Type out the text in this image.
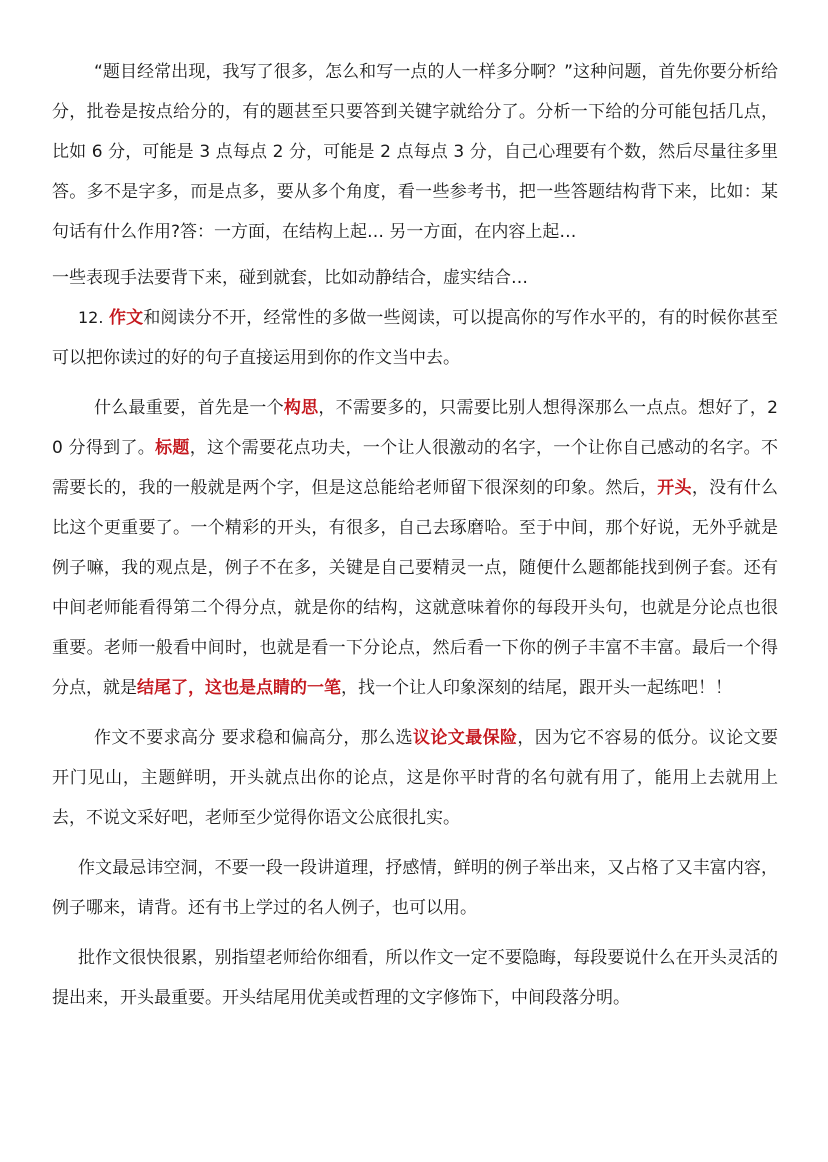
“题目经常出现，我写了很多，怎么和写一点的人一样多分啊？”这种问题，首先你要分析给分，批卷是按点给分的，有的题甚至只要答到关键字就给分了。分析一下给的分可能包括几点，比如 6 分，可能是 3 点每点 2 分，可能是 2 点每点 3 分，自己心理要有个数，然后尽量往多里答。多不是字多，而是点多，要从多个角度，看一些参考书，把一些答题结构背下来，比如：某句话有什么作用?答：一方面，在结构上起… 另一方面，在内容上起…

一些表现手法要背下来，碰到就套，比如动静结合，虚实结合…

12. 作文和阅读分不开，经常性的多做一些阅读，可以提高你的写作水平的，有的时候你甚至可以把你读过的好的句子直接运用到你的作文当中去。

什么最重要，首先是一个构思，不需要多的，只需要比别人想得深那么一点点。想好了，20 分得到了。标题，这个需要花点功夫，一个让人很激动的名字，一个让你自己感动的名字。不需要长的，我的一般就是两个字，但是这总能给老师留下很深刻的印象。然后，开头，没有什么比这个更重要了。一个精彩的开头，有很多，自己去琢磨哈。至于中间，那个好说，无外乎就是例子嘛，我的观点是，例子不在多，关键是自己要精灵一点，随便什么题都能找到例子套。还有中间老师能看得第二个得分点，就是你的结构，这就意味着你的每段开头句，也就是分论点也很重要。老师一般看中间时，也就是看一下分论点，然后看一下你的例子丰富不丰富。最后一个得分点，就是结尾了，这也是点睛的一笔，找一个让人印象深刻的结尾，跟开头一起练吧！！

作文不要求高分 要求稳和偏高分，那么选议论文最保险，因为它不容易的低分。议论文要开门见山，主题鲜明，开头就点出你的论点，这是你平时背的名句就有用了，能用上去就用上去，不说文采好吧，老师至少觉得你语文公底很扎实。

作文最忌讳空洞，不要一段一段讲道理，抒感情，鲜明的例子举出来，又占格了又丰富内容，例子哪来，请背。还有书上学过的名人例子，也可以用。

批作文很快很累，别指望老师给你细看，所以作文一定不要隐晦，每段要说什么在开头灵活的提出来，开头最重要。开头结尾用优美或哲理的文字修饰下，中间段落分明。
